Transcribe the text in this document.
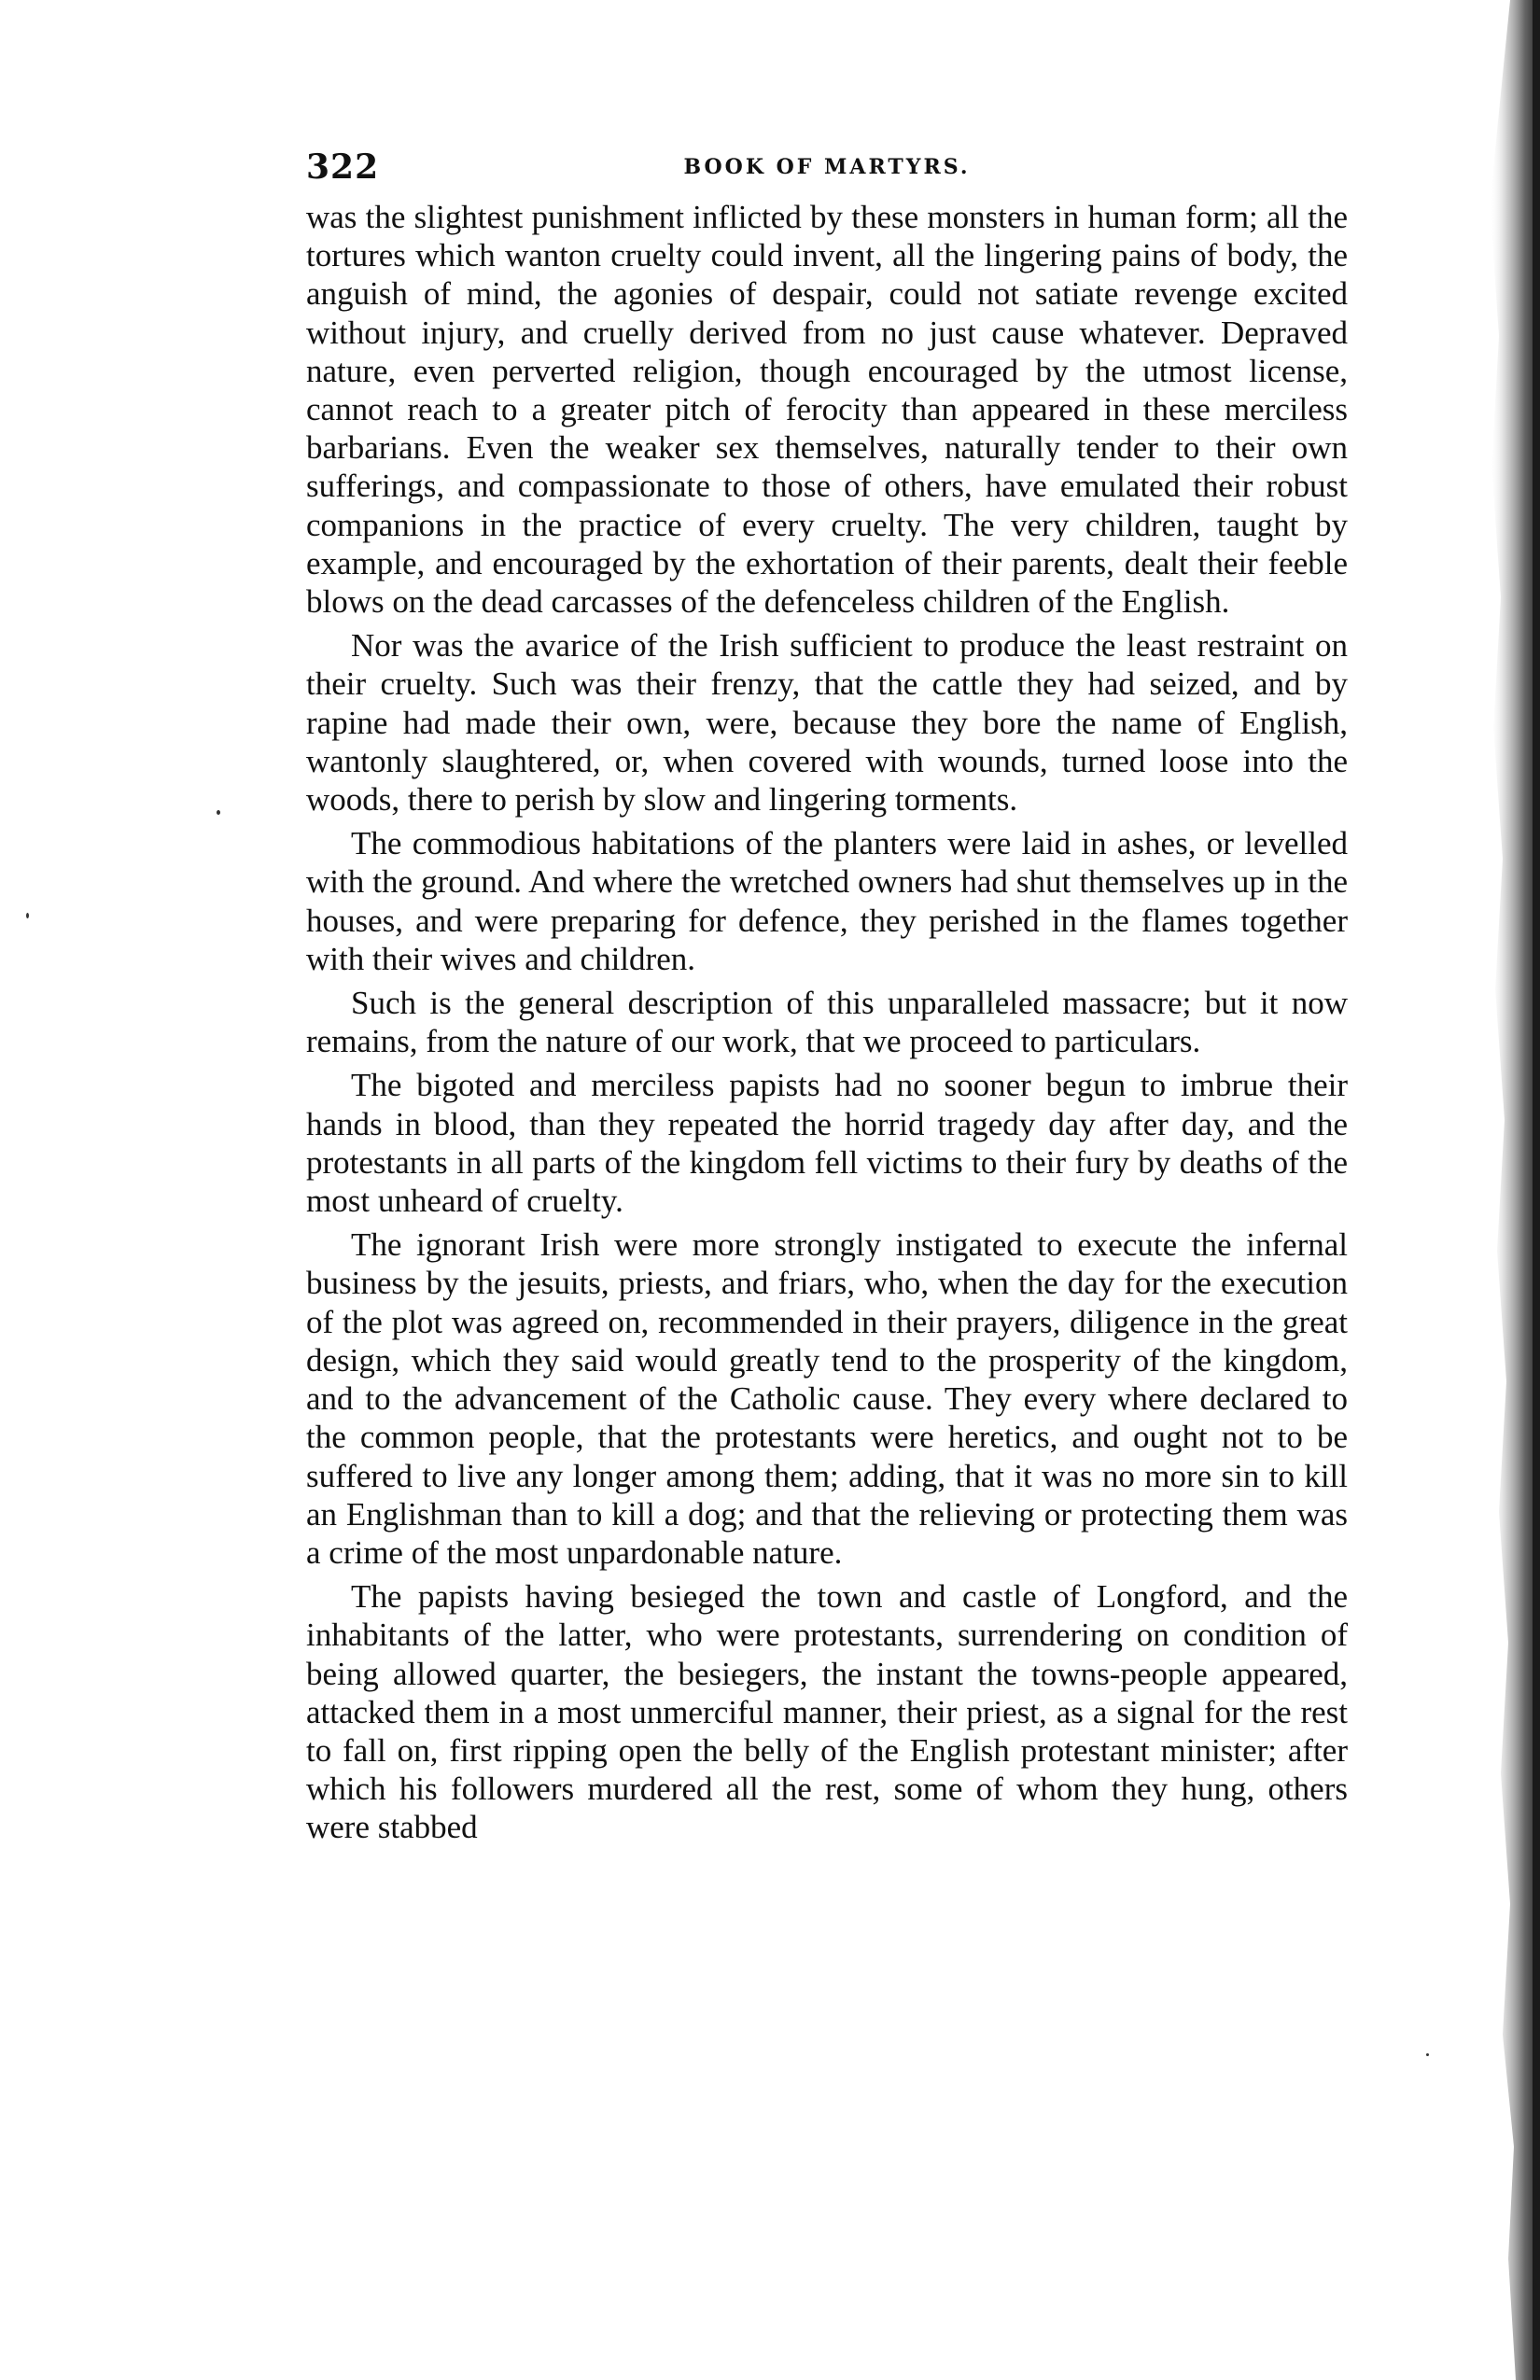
322	BOOK OF MARTYRS.

was the slightest punishment inflicted by these monsters in human form; all the tortures which wanton cruelty could invent, all the lingering pains of body, the anguish of mind, the agonies of despair, could not satiate revenge excited without injury, and cruelly derived from no just cause whatever. Depraved nature, even perverted religion, though encouraged by the utmost license, cannot reach to a greater pitch of ferocity than appeared in these merciless barbarians. Even the weaker sex themselves, naturally tender to their own sufferings, and compassionate to those of others, have emulated their robust companions in the practice of every cruelty. The very children, taught by example, and encouraged by the exhortation of their parents, dealt their feeble blows on the dead carcasses of the defenceless children of the English.

Nor was the avarice of the Irish sufficient to produce the least restraint on their cruelty. Such was their frenzy, that the cattle they had seized, and by rapine had made their own, were, because they bore the name of English, wantonly slaughtered, or, when covered with wounds, turned loose into the woods, there to perish by slow and lingering torments.

The commodious habitations of the planters were laid in ashes, or levelled with the ground. And where the wretched owners had shut themselves up in the houses, and were preparing for defence, they perished in the flames together with their wives and children.

Such is the general description of this unparalleled massacre; but it now remains, from the nature of our work, that we proceed to particulars.

The bigoted and merciless papists had no sooner begun to imbrue their hands in blood, than they repeated the horrid tragedy day after day, and the protestants in all parts of the kingdom fell victims to their fury by deaths of the most unheard of cruelty.

The ignorant Irish were more strongly instigated to execute the infernal business by the jesuits, priests, and friars, who, when the day for the execution of the plot was agreed on, recommended in their prayers, diligence in the great design, which they said would greatly tend to the prosperity of the kingdom, and to the advancement of the Catholic cause. They every where declared to the common people, that the protestants were heretics, and ought not to be suffered to live any longer among them; adding, that it was no more sin to kill an Englishman than to kill a dog; and that the relieving or protecting them was a crime of the most unpardonable nature.

The papists having besieged the town and castle of Longford, and the inhabitants of the latter, who were protestants, surrendering on condition of being allowed quarter, the besiegers, the instant the towns-people appeared, attacked them in a most unmerciful manner, their priest, as a signal for the rest to fall on, first ripping open the belly of the English protestant minister; after which his followers murdered all the rest, some of whom they hung, others were stabbed
